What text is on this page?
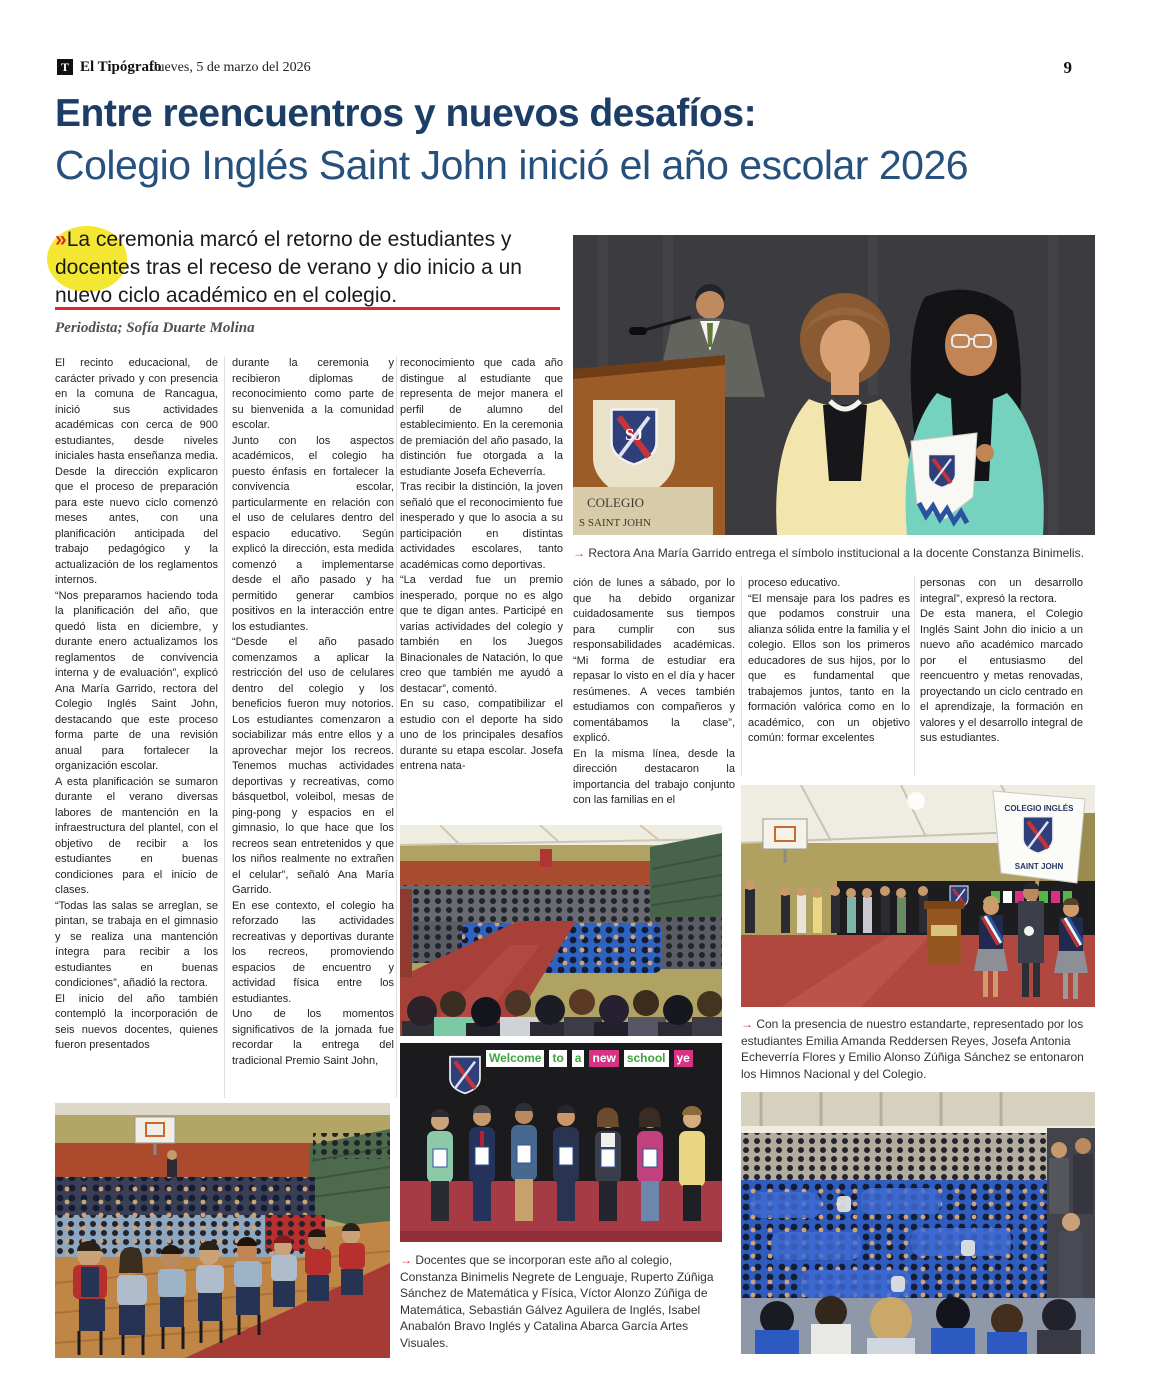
T El Tipógrafo
Jueves, 5 de marzo del 2026	9
Entre reencuentros y nuevos desafíos:
Colegio Inglés Saint John inició el año escolar 2026
»La ceremonia marcó el retorno de estudiantes y docentes tras el receso de verano y dio inicio a un nuevo ciclo académico en el colegio.
Periodista; Sofía Duarte Molina

El recinto educacional, de carácter privado y con presencia en la comuna de Rancagua, inició sus actividades académicas con cerca de 900 estudiantes, desde niveles iniciales hasta enseñanza media. Desde la dirección explicaron que el proceso de preparación para este nuevo ciclo comenzó meses antes, con una planificación anticipada del trabajo pedagógico y la actualización de los reglamentos internos.

“Nos preparamos haciendo toda la planificación del año, que quedó lista en diciembre, y durante enero actualizamos los reglamentos de convivencia interna y de evaluación”, explicó Ana María Garrido, rectora del Colegio Inglés Saint John, destacando que este proceso forma parte de una revisión anual para fortalecer la organización escolar.

A esta planificación se sumaron durante el verano diversas labores de mantención en la infraestructura del plantel, con el objetivo de recibir a los estudiantes en buenas condiciones para el inicio de clases.

“Todas las salas se arreglan, se pintan, se trabaja en el gimnasio y se realiza una mantención íntegra para recibir a los estudiantes en buenas condiciones”, añadió la rectora.

El inicio del año también contempló la incorporación de seis nuevos docentes, quienes fueron presentados

durante la ceremonia y recibieron diplomas de reconocimiento como parte de su bienvenida a la comunidad escolar.

Junto con los aspectos académicos, el colegio ha puesto énfasis en fortalecer la convivencia escolar, particularmente en relación con el uso de celulares dentro del espacio educativo. Según explicó la dirección, esta medida comenzó a implementarse desde el año pasado y ha permitido generar cambios positivos en la interacción entre los estudiantes.

“Desde el año pasado comenzamos a aplicar la restricción del uso de celulares dentro del colegio y los beneficios fueron muy notorios. Los estudiantes comenzaron a sociabilizar más entre ellos y a aprovechar mejor los recreos. Tenemos muchas actividades deportivas y recreativas, como básquetbol, voleibol, mesas de ping-pong y espacios en el gimnasio, lo que hace que los recreos sean entretenidos y que los niños realmente no extrañen el celular”, señaló Ana María Garrido.

En ese contexto, el colegio ha reforzado las actividades recreativas y deportivas durante los recreos, promoviendo espacios de encuentro y actividad física entre los estudiantes.

Uno de los momentos significativos de la jornada fue recordar la entrega del tradicional Premio Saint John,

reconocimiento que cada año distingue al estudiante que representa de mejor manera el perfil de alumno del establecimiento. En la ceremonia de premiación del año pasado, la distinción fue otorgada a la estudiante Josefa Echeverría.

Tras recibir la distinción, la joven señaló que el reconocimiento fue inesperado y que lo asocia a su participación en distintas actividades escolares, tanto académicas como deportivas.

“La verdad fue un premio inesperado, porque no es algo que te digan antes. Participé en varias actividades del colegio y también en los Juegos Binacionales de Natación, lo que creo que también me ayudó a destacar”, comentó.

En su caso, compatibilizar el estudio con el deporte ha sido uno de los principales desafíos durante su etapa escolar. Josefa entrena nata-

ción de lunes a sábado, por lo que ha debido organizar cuidadosamente sus tiempos para cumplir con sus responsabilidades académicas. “Mi forma de estudiar era repasar lo visto en el día y hacer resúmenes. A veces también estudiamos con compañeros y comentábamos la clase”, explicó.

En la misma línea, desde la dirección destacaron la importancia del trabajo conjunto con las familias en el

proceso educativo.

“El mensaje para los padres es que podamos construir una alianza sólida entre la familia y el colegio. Ellos son los primeros educadores de sus hijos, por lo que es fundamental que trabajemos juntos, tanto en la formación valórica como en lo académico, con un objetivo común: formar excelentes

personas con un desarrollo integral”, expresó la rectora.

De esta manera, el Colegio Inglés Saint John dio inicio a un nuevo año académico marcado por el entusiasmo del reencuentro y metas renovadas, proyectando un ciclo centrado en el aprendizaje, la formación en valores y el desarrollo integral de sus estudiantes.

SJ
COLEGIO
S SAINT JOHN
→ Rectora Ana María Garrido entrega el símbolo institucional a la docente Constanza Binimelis.
Welcome to a new school ye
→ Docentes que se incorporan este año al colegio, Constanza Binimelis Negrete de Lenguaje, Ruperto Zúñiga Sánchez de Matemática y Física, Víctor Alonzo Zúñiga de Matemática, Sebastián Gálvez Aguilera de Inglés, Isabel Anabalón Bravo Inglés y Catalina Abarca García Artes Visuales.
COLEGIO INGLÉS
SAINT JOHN
→ Con la presencia de nuestro estandarte, representado por los estudiantes Emilia Amanda Reddersen Reyes, Josefa Antonia Echeverría Flores y Emilio Alonso Zúñiga Sánchez se entonaron los Himnos Nacional y del Colegio.
